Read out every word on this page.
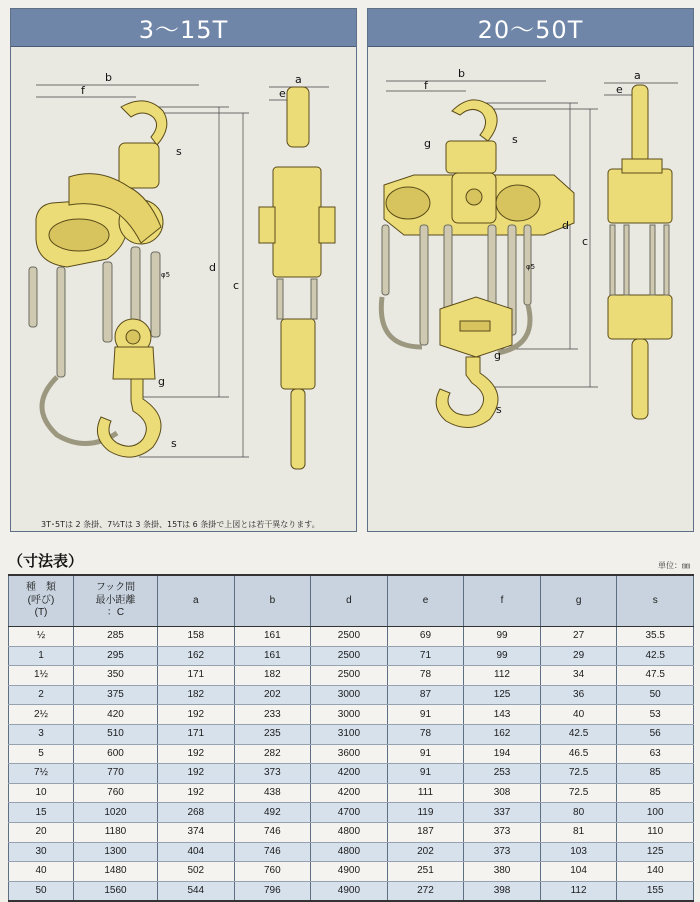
3～15T
b
f
s
d
c
g
s
a
e
φ5
3T･5Tは 2 条掛、7½Tは 3 条掛、15Tは 6 条掛で上図とは若干異なります。
20～50T
b
f
g	s
d
c
g
s
a
e
φ5
（寸法表）	単位：㎜
種　類
(呼び)
(T)	フック間
最小距離
：C	a	b	d	e	f	g	s
½	285	158	161	2500	69	99	27	35.5
1	295	162	161	2500	71	99	29	42.5
1½	350	171	182	2500	78	112	34	47.5
2	375	182	202	3000	87	125	36	50
2½	420	192	233	3000	91	143	40	53
3	510	171	235	3100	78	162	42.5	56
5	600	192	282	3600	91	194	46.5	63
7½	770	192	373	4200	91	253	72.5	85
10	760	192	438	4200	111	308	72.5	85
15	1020	268	492	4700	119	337	80	100
20	1180	374	746	4800	187	373	81	110
30	1300	404	746	4800	202	373	103	125
40	1480	502	760	4900	251	380	104	140
50	1560	544	796	4900	272	398	112	155
